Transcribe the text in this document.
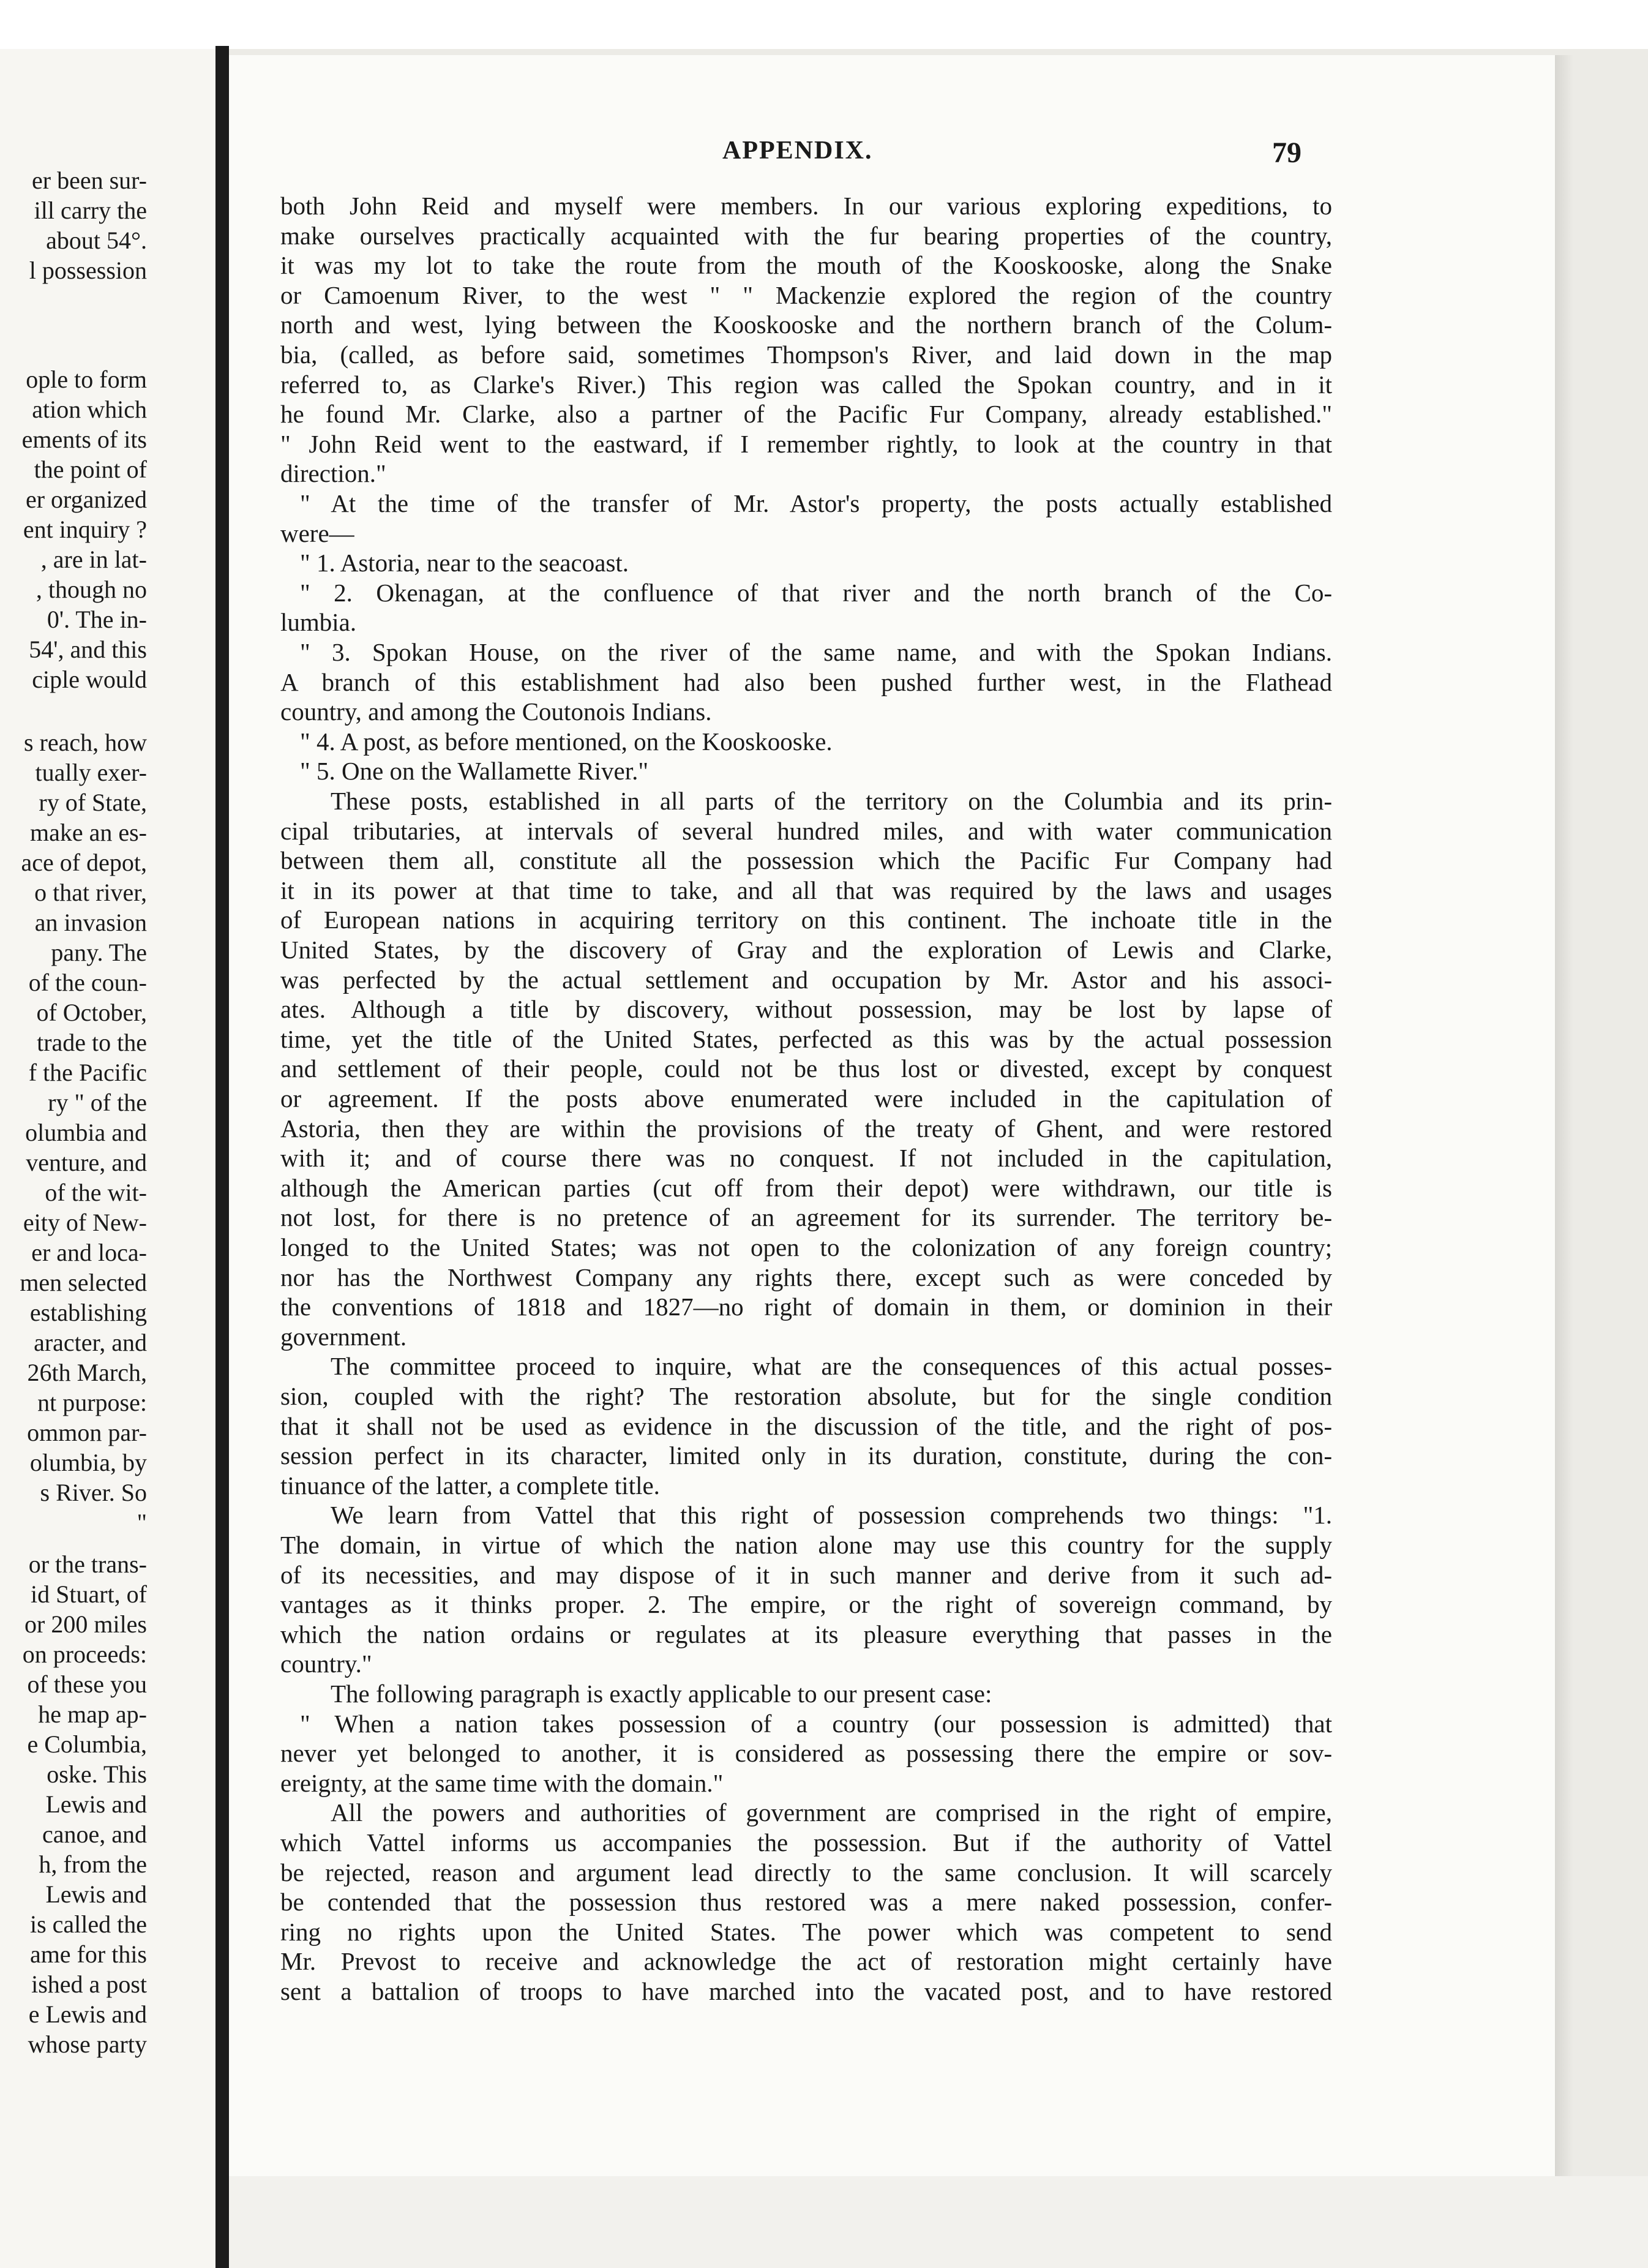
er been sur-
ill carry the
about 54°.
l possession
ople to form
ation which
ements of its
the point of
er organized
ent inquiry ?
, are in lat-
, though no
0'. The in-
54', and this
ciple would
s reach, how
tually exer-
ry of State,
make an es-
ace of depot,
o that river,
an invasion
pany. The
of the coun-
of October,
trade to the
f the Pacific
ry " of the
olumbia and
venture, and
of the wit-
eity of New-
er and loca-
men selected
establishing
aracter, and
26th March,
nt purpose:
ommon par-
olumbia, by
s River. So
"
or the trans-
id Stuart, of
or 200 miles
on proceeds:
of these you
he map ap-
e Columbia,
oske. This
Lewis and
canoe, and
h, from the
Lewis and
is called the
ame for this
ished a post
e Lewis and
whose party
APPENDIX.	79
both John Reid and myself were members. In our various exploring expeditions, to
make ourselves practically acquainted with the fur bearing properties of the country,
it was my lot to take the route from the mouth of the Kooskooske, along the Snake
or Camoenum River, to the west " " Mackenzie explored the region of the country
north and west, lying between the Kooskooske and the northern branch of the Colum-
bia, (called, as before said, sometimes Thompson's River, and laid down in the map
referred to, as Clarke's River.) This region was called the Spokan country, and in it
he found Mr. Clarke, also a partner of the Pacific Fur Company, already established."
" John Reid went to the eastward, if I remember rightly, to look at the country in that
direction."
" At the time of the transfer of Mr. Astor's property, the posts actually established
were—
" 1. Astoria, near to the seacoast.
" 2. Okenagan, at the confluence of that river and the north branch of the Co-
lumbia.
" 3. Spokan House, on the river of the same name, and with the Spokan Indians.
A branch of this establishment had also been pushed further west, in the Flathead
country, and among the Coutonois Indians.
" 4. A post, as before mentioned, on the Kooskooske.
" 5. One on the Wallamette River."
These posts, established in all parts of the territory on the Columbia and its prin-
cipal tributaries, at intervals of several hundred miles, and with water communication
between them all, constitute all the possession which the Pacific Fur Company had
it in its power at that time to take, and all that was required by the laws and usages
of European nations in acquiring territory on this continent. The inchoate title in the
United States, by the discovery of Gray and the exploration of Lewis and Clarke,
was perfected by the actual settlement and occupation by Mr. Astor and his associ-
ates. Although a title by discovery, without possession, may be lost by lapse of
time, yet the title of the United States, perfected as this was by the actual possession
and settlement of their people, could not be thus lost or divested, except by conquest
or agreement. If the posts above enumerated were included in the capitulation of
Astoria, then they are within the provisions of the treaty of Ghent, and were restored
with it; and of course there was no conquest. If not included in the capitulation,
although the American parties (cut off from their depot) were withdrawn, our title is
not lost, for there is no pretence of an agreement for its surrender. The territory be-
longed to the United States; was not open to the colonization of any foreign country;
nor has the Northwest Company any rights there, except such as were conceded by
the conventions of 1818 and 1827—no right of domain in them, or dominion in their
government.
The committee proceed to inquire, what are the consequences of this actual posses-
sion, coupled with the right? The restoration absolute, but for the single condition
that it shall not be used as evidence in the discussion of the title, and the right of pos-
session perfect in its character, limited only in its duration, constitute, during the con-
tinuance of the latter, a complete title.
We learn from Vattel that this right of possession comprehends two things: "1.
The domain, in virtue of which the nation alone may use this country for the supply
of its necessities, and may dispose of it in such manner and derive from it such ad-
vantages as it thinks proper. 2. The empire, or the right of sovereign command, by
which the nation ordains or regulates at its pleasure everything that passes in the
country."
The following paragraph is exactly applicable to our present case:
" When a nation takes possession of a country (our possession is admitted) that
never yet belonged to another, it is considered as possessing there the empire or sov-
ereignty, at the same time with the domain."
All the powers and authorities of government are comprised in the right of empire,
which Vattel informs us accompanies the possession. But if the authority of Vattel
be rejected, reason and argument lead directly to the same conclusion. It will scarcely
be contended that the possession thus restored was a mere naked possession, confer-
ring no rights upon the United States. The power which was competent to send
Mr. Prevost to receive and acknowledge the act of restoration might certainly have
sent a battalion of troops to have marched into the vacated post, and to have restored
